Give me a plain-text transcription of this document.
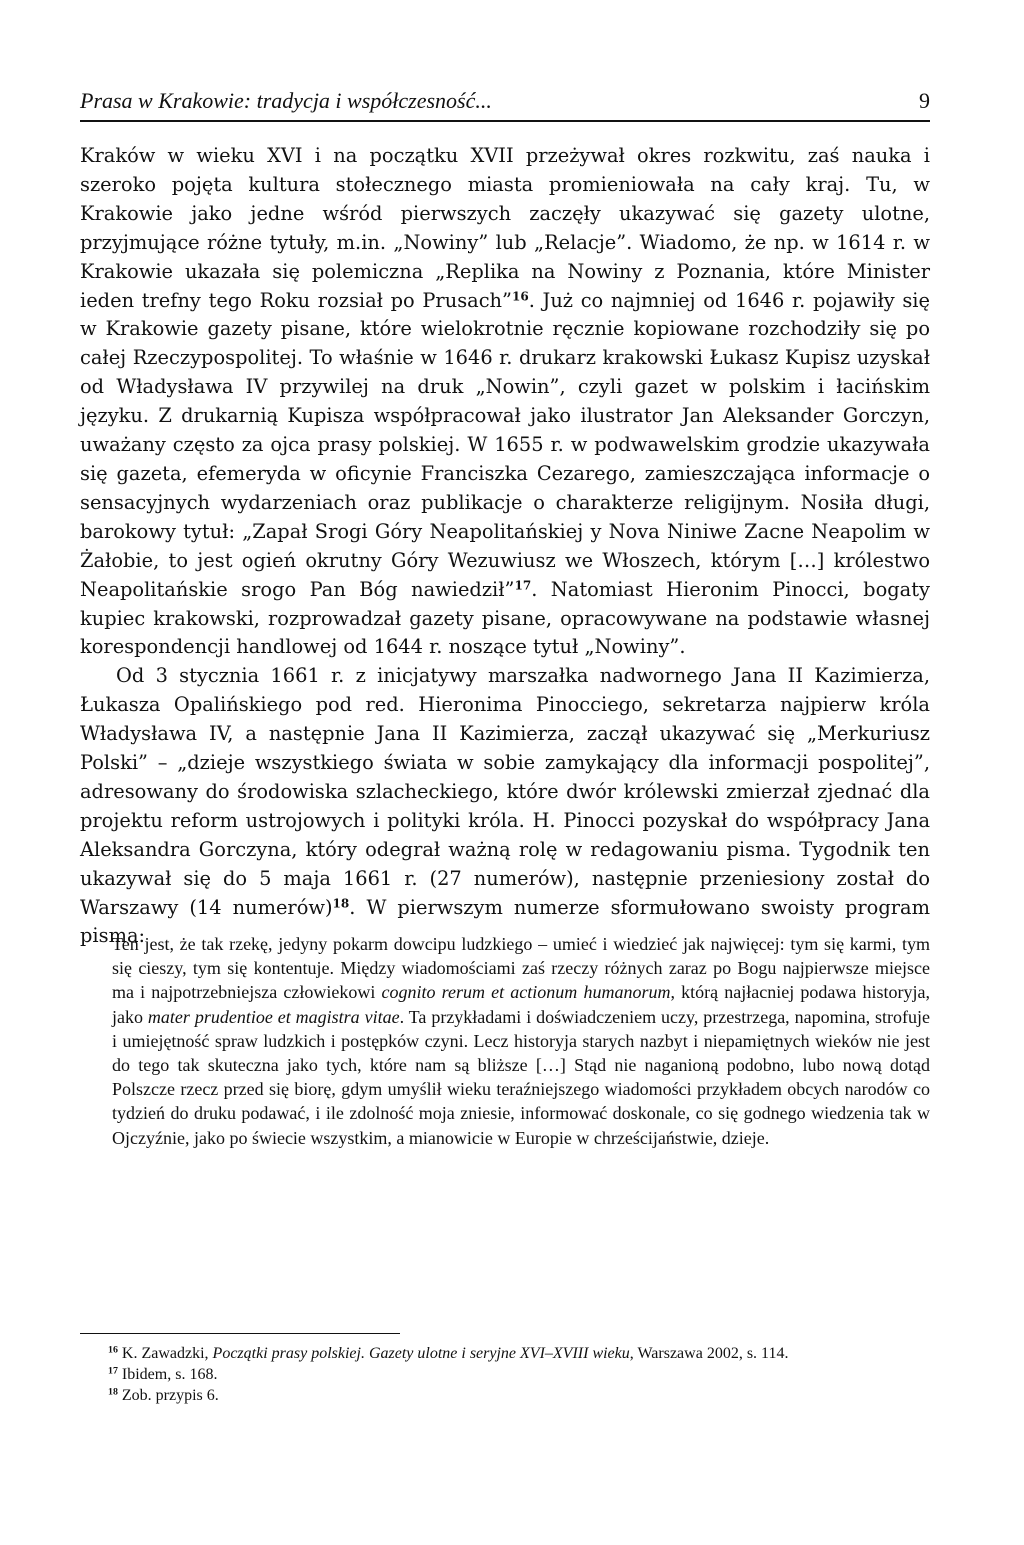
Prasa w Krakowie: tradycja i współczesność...	9

Kraków w wieku XVI i na początku XVII przeżywał okres rozkwitu, zaś nauka i szeroko pojęta kultura stołecznego miasta promieniowała na cały kraj. Tu, w Krakowie jako jedne wśród pierwszych zaczęły ukazywać się gazety ulotne, przyjmujące różne tytuły, m.in. „Nowiny” lub „Relacje”. Wiadomo, że np. w 1614 r. w Krakowie ukazała się polemiczna „Replika na Nowiny z Poznania, które Minister ieden trefny tego Roku rozsiał po Prusach”$^{16}$. Już co najmniej od 1646 r. pojawiły się w Krakowie gazety pisane, które wielokrotnie ręcznie kopiowane rozchodziły się po całej Rzeczypospolitej. To właśnie w 1646 r. drukarz krakowski Łukasz Kupisz uzyskał od Władysława IV przywilej na druk „Nowin”, czyli gazet w polskim i łacińskim języku. Z drukarnią Kupisza współpracował jako ilustrator Jan Aleksander Gorczyn, uważany często za ojca prasy polskiej. W 1655 r. w podwawelskim grodzie ukazywała się gazeta, efemeryda w oficynie Franciszka Cezarego, zamieszczająca informacje o sensacyjnych wydarzeniach oraz publikacje o charakterze religijnym. Nosiła długi, barokowy tytuł: „Zapał Srogi Góry Neapolitańskiej y Nova Niniwe Zacne Neapolim w Żałobie, to jest ogień okrutny Góry Wezuwiusz we Włoszech, którym […] królestwo Neapolitańskie srogo Pan Bóg nawiedził”$^{17}$. Natomiast Hieronim Pinocci, bogaty kupiec krakowski, rozprowadzał gazety pisane, opracowywane na podstawie własnej korespondencji handlowej od 1644 r. noszące tytuł „Nowiny”.

Od 3 stycznia 1661 r. z inicjatywy marszałka nadwornego Jana II Kazimierza, Łukasza Opalińskiego pod red. Hieronima Pinocciego, sekretarza najpierw króla Władysława IV, a następnie Jana II Kazimierza, zaczął ukazywać się „Merkuriusz Polski” – „dzieje wszystkiego świata w sobie zamykający dla informacji pospolitej”, adresowany do środowiska szlacheckiego, które dwór królewski zmierzał zjednać dla projektu reform ustrojowych i polityki króla. H. Pinocci pozyskał do współpracy Jana Aleksandra Gorczyna, który odegrał ważną rolę w redagowaniu pisma. Tygodnik ten ukazywał się do 5 maja 1661 r. (27 numerów), następnie przeniesiony został do Warszawy (14 numerów)$^{18}$. W pierwszym numerze sformułowano swoisty program pisma:

Ten jest, że tak rzekę, jedyny pokarm dowcipu ludzkiego – umieć i wiedzieć jak najwięcej: tym się karmi, tym się cieszy, tym się kontentuje. Między wiadomościami zaś rzeczy różnych zaraz po Bogu najpierwsze miejsce ma i najpotrzebniejsza człowiekowi cognito rerum et actionum humanorum, którą najłacniej podawa historyja, jako mater prudentioe et magistra vitae. Ta przykładami i doświadczeniem uczy, przestrzega, napomina, strofuje i umiejętność spraw ludzkich i postępków czyni. Lecz historyja starych nazbyt i niepamiętnych wieków nie jest do tego tak skuteczna jako tych, które nam są bliższe […] Stąd nie naganioną podobno, lubo nową dotąd Polszcze rzecz przed się biorę, gdym umyślił wieku teraźniejszego wiadomości przykładem obcych narodów co tydzień do druku podawać, i ile zdolność moja zniesie, informować doskonale, co się godnego wiedzenia tak w Ojczyźnie, jako po świecie wszystkim, a mianowicie w Europie w chrześcijaństwie, dzieje.

$^{16}$ K. Zawadzki, Początki prasy polskiej. Gazety ulotne i seryjne XVI–XVIII wieku, Warszawa 2002, s. 114.

$^{17}$ Ibidem, s. 168.

$^{18}$ Zob. przypis 6.
